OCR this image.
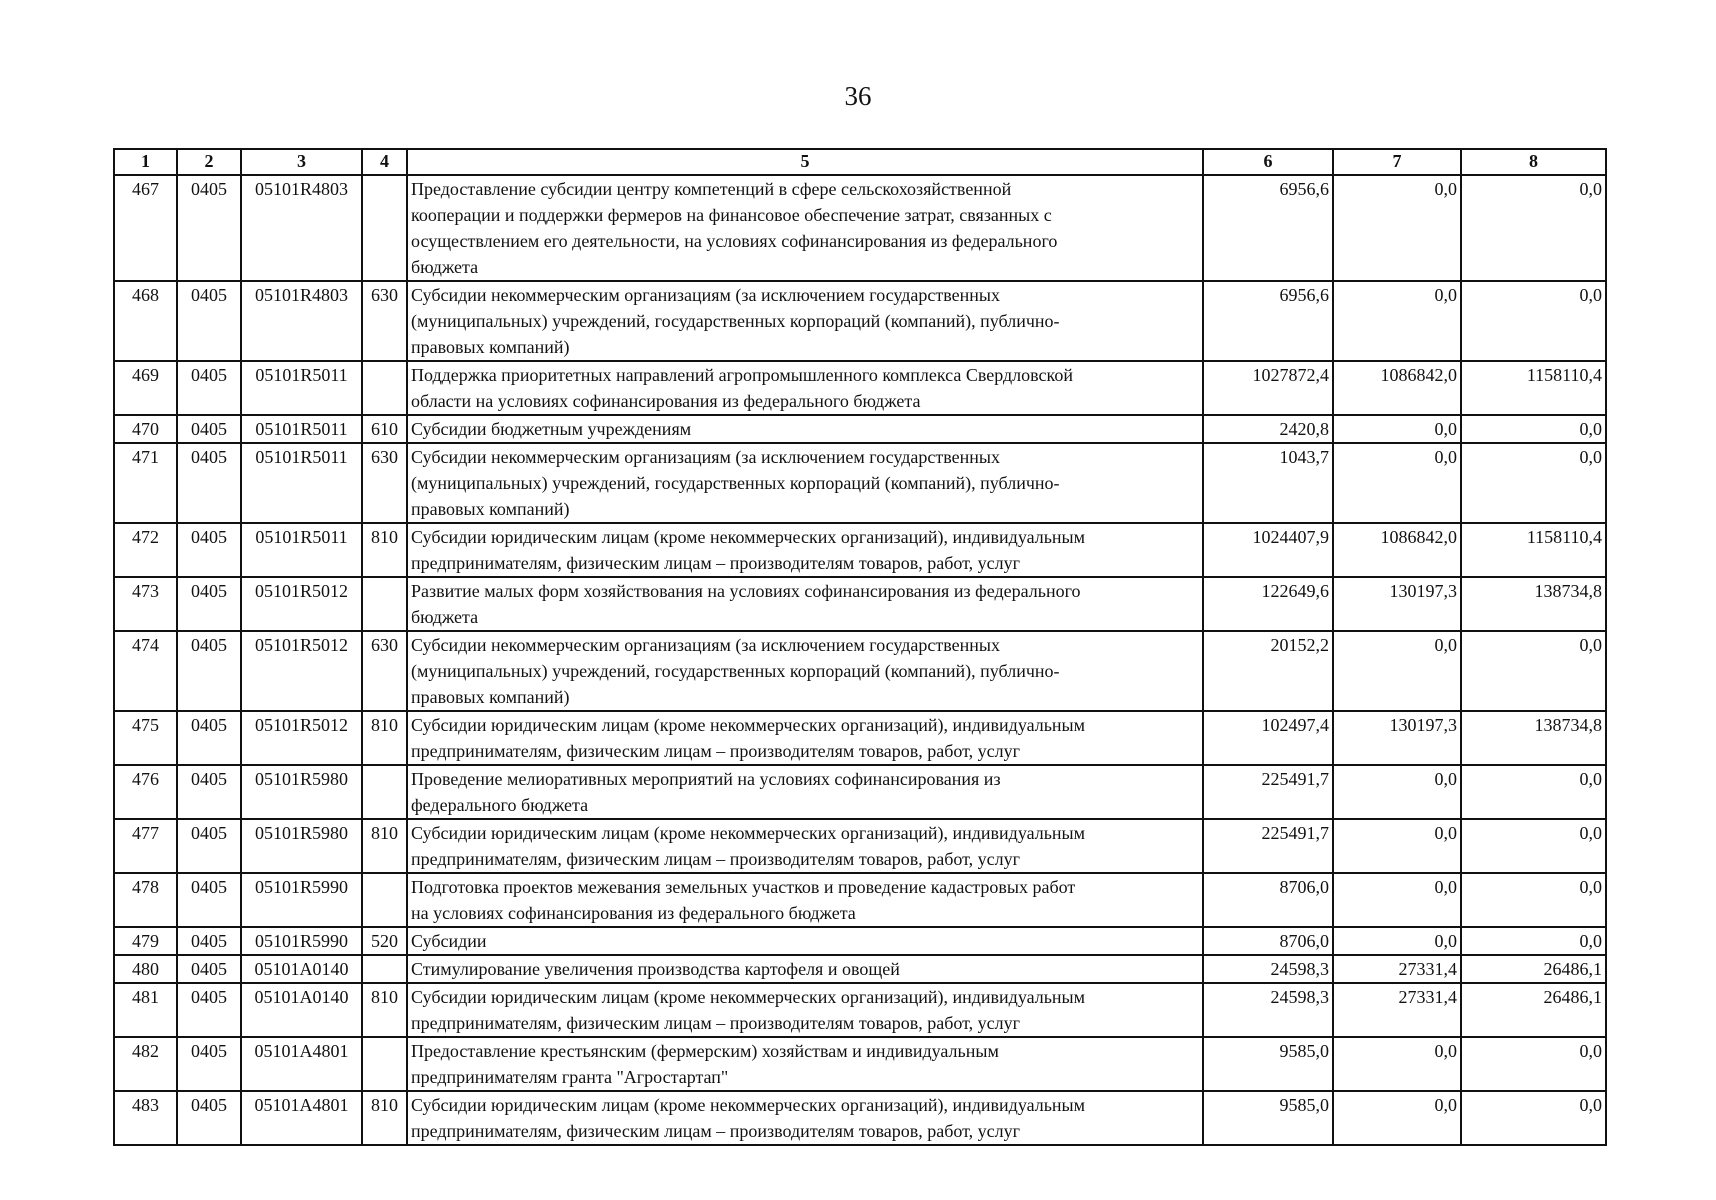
36
1	2	3	4	5	6	7	8
467	0405	05101R4803		Предоставление субсидии центру компетенций в сфере сельскохозяйственной
кооперации и поддержки фермеров на финансовое обеспечение затрат, связанных с
осуществлением его деятельности, на условиях софинансирования из федерального
бюджета	6956,6	0,0	0,0
468	0405	05101R4803	630	Субсидии некоммерческим организациям (за исключением государственных
(муниципальных) учреждений, государственных корпораций (компаний), публично-
правовых компаний)	6956,6	0,0	0,0
469	0405	05101R5011		Поддержка приоритетных направлений агропромышленного комплекса Свердловской
области на условиях софинансирования из федерального бюджета	1027872,4	1086842,0	1158110,4
470	0405	05101R5011	610	Субсидии бюджетным учреждениям	2420,8	0,0	0,0
471	0405	05101R5011	630	Субсидии некоммерческим организациям (за исключением государственных
(муниципальных) учреждений, государственных корпораций (компаний), публично-
правовых компаний)	1043,7	0,0	0,0
472	0405	05101R5011	810	Субсидии юридическим лицам (кроме некоммерческих организаций), индивидуальным
предпринимателям, физическим лицам – производителям товаров, работ, услуг	1024407,9	1086842,0	1158110,4
473	0405	05101R5012		Развитие малых форм хозяйствования на условиях софинансирования из федерального
бюджета	122649,6	130197,3	138734,8
474	0405	05101R5012	630	Субсидии некоммерческим организациям (за исключением государственных
(муниципальных) учреждений, государственных корпораций (компаний), публично-
правовых компаний)	20152,2	0,0	0,0
475	0405	05101R5012	810	Субсидии юридическим лицам (кроме некоммерческих организаций), индивидуальным
предпринимателям, физическим лицам – производителям товаров, работ, услуг	102497,4	130197,3	138734,8
476	0405	05101R5980		Проведение мелиоративных мероприятий на условиях софинансирования из
федерального бюджета	225491,7	0,0	0,0
477	0405	05101R5980	810	Субсидии юридическим лицам (кроме некоммерческих организаций), индивидуальным
предпринимателям, физическим лицам – производителям товаров, работ, услуг	225491,7	0,0	0,0
478	0405	05101R5990		Подготовка проектов межевания земельных участков и проведение кадастровых работ
на условиях софинансирования из федерального бюджета	8706,0	0,0	0,0
479	0405	05101R5990	520	Субсидии	8706,0	0,0	0,0
480	0405	05101A0140		Стимулирование увеличения производства картофеля и овощей	24598,3	27331,4	26486,1
481	0405	05101A0140	810	Субсидии юридическим лицам (кроме некоммерческих организаций), индивидуальным
предпринимателям, физическим лицам – производителям товаров, работ, услуг	24598,3	27331,4	26486,1
482	0405	05101A4801		Предоставление крестьянским (фермерским) хозяйствам и индивидуальным
предпринимателям гранта "Агростартап"	9585,0	0,0	0,0
483	0405	05101A4801	810	Субсидии юридическим лицам (кроме некоммерческих организаций), индивидуальным
предпринимателям, физическим лицам – производителям товаров, работ, услуг	9585,0	0,0	0,0
